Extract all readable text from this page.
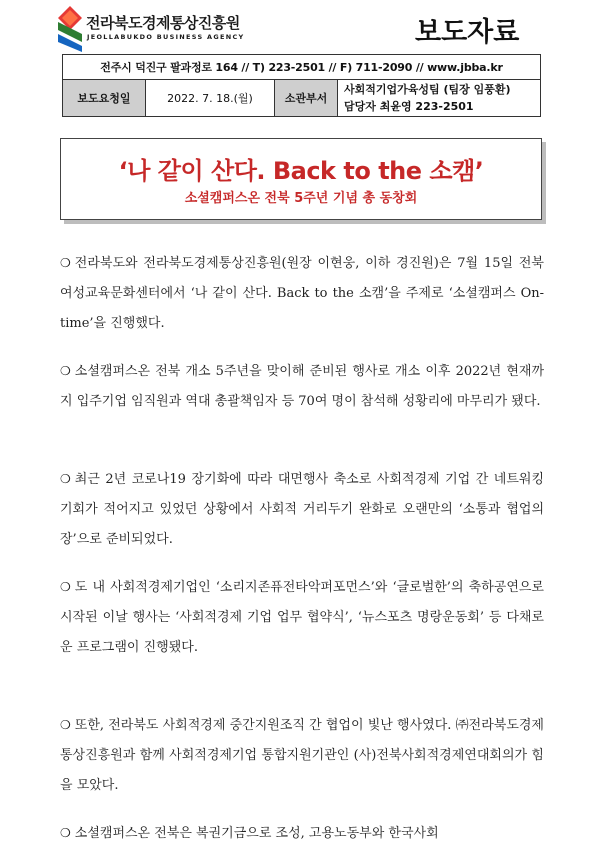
전라북도경제통상진흥원
JEOLLABUKDO BUSINESS AGENCY	보도자료
전주시 덕진구 팔과정로 164 // T) 223-2501 // F) 711-2090 // www.jbba.kr
보도요청일	2022. 7. 18.(월)	소관부서	
사회적기업가육성팀 (팀장 임풍환)
담당자 최윤영 223-2501
‘나 같이 산다. Back to the 소캠’
소셜캠퍼스온 전북 5주년 기념 총 동창회
❍ 전라북도와 전라북도경제통상진흥원(원장 이현웅, 이하 경진원)은 7월 15일 전북여성교육문화센터에서 ‘나 같이 산다. Back to the 소캠’을 주제로 ‘소셜캠퍼스 On-time’을 진행했다.
❍ 소셜캠퍼스온 전북 개소 5주년을 맞이해 준비된 행사로 개소 이후 2022년 현재까지 입주기업 임직원과 역대 총괄책임자 등 70여 명이 참석해 성황리에 마무리가 됐다.
❍ 최근 2년 코로나19 장기화에 따라 대면행사 축소로 사회적경제 기업 간 네트워킹 기회가 적어지고 있었던 상황에서 사회적 거리두기 완화로 오랜만의 ‘소통과 협업의 장’으로 준비되었다.
❍ 도 내 사회적경제기업인 ‘소리지존퓨전타악퍼포먼스’와 ‘글로벌한’의 축하공연으로 시작된 이날 행사는 ‘사회적경제 기업 업무 협약식’, ‘뉴스포츠 명랑운동회’ 등 다채로운 프로그램이 진행됐다.
❍ 또한, 전라북도 사회적경제 중간지원조직 간 협업이 빛난 행사였다. ㈜전라북도경제통상진흥원과 함께 사회적경제기업 통합지원기관인 (사)전북사회적경제연대회의가 힘을 모았다.
❍ 소셜캠퍼스온 전북은 복권기금으로 조성, 고용노동부와 한국사회
